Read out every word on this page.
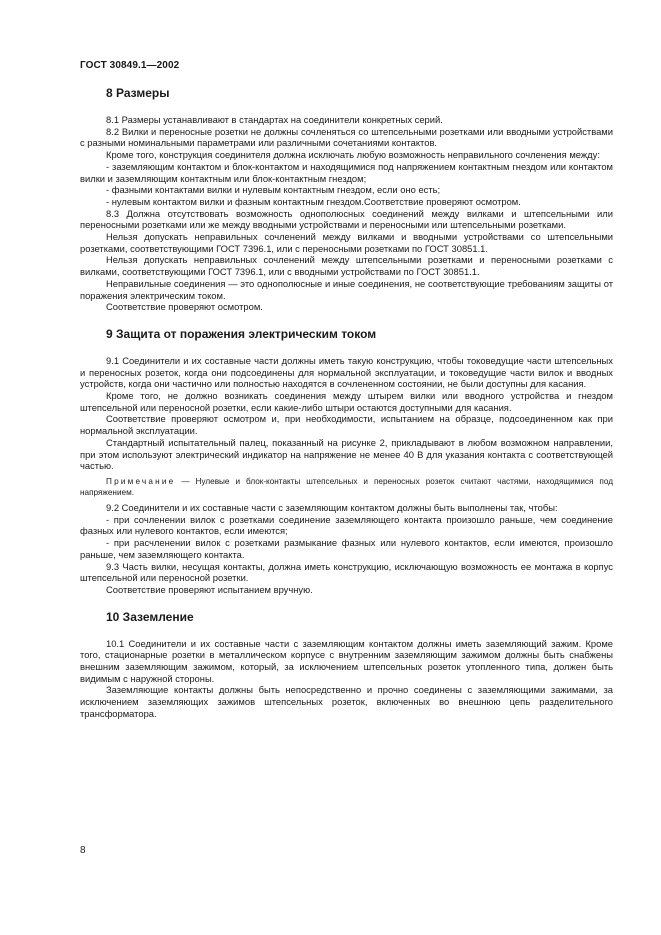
ГОСТ 30849.1—2002
8 Размеры

8.1 Размеры устанавливают в стандартах на соединители конкретных серий.

8.2 Вилки и переносные розетки не должны сочленяться со штепсельными розетками или вводными устройствами с разными номинальными параметрами или различными сочетаниями контактов.

Кроме того, конструкция соединителя должна исключать любую возможность неправильного сочленения между:

- заземляющим контактом и блок-контактом и находящимися под напряжением контактным гнездом или контактом вилки и заземляющим контактным или блок-контактным гнездом;

- фазными контактами вилки и нулевым контактным гнездом, если оно есть;

- нулевым контактом вилки и фазным контактным гнездом.Соответствие проверяют осмотром.

8.3 Должна отсутствовать возможность однополюсных соединений между вилками и штепсельными или переносными розетками или же между вводными устройствами и переносными или штепсельными розетками.

Нельзя допускать неправильных сочленений между вилками и вводными устройствами со штепсельными розетками, соответствующими ГОСТ 7396.1, или с переносными розетками по ГОСТ 30851.1.

Нельзя допускать неправильных сочленений между штепсельными розетками и переносными розетками с вилками, соответствующими ГОСТ 7396.1, или с вводными устройствами по ГОСТ 30851.1.

Неправильные соединения — это однополюсные и иные соединения, не соответствующие требованиям защиты от поражения электрическим током.

Соответствие проверяют осмотром.

9 Защита от поражения электрическим током

9.1 Соединители и их составные части должны иметь такую конструкцию, чтобы токоведущие части штепсельных и переносных розеток, когда они подсоединены для нормальной эксплуатации, и токоведущие части вилок и вводных устройств, когда они частично или полностью находятся в сочлененном состоянии, не были доступны для касания.

Кроме того, не должно возникать соединения между штырем вилки или вводного устройства и гнездом штепсельной или переносной розетки, если какие-либо штыри остаются доступными для касания.

Соответствие проверяют осмотром и, при необходимости, испытанием на образце, подсоединенном как при нормальной эксплуатации.

Стандартный испытательный палец, показанный на рисунке 2, прикладывают в любом возможном направлении, при этом используют электрический индикатор на напряжение не менее 40 В для указания контакта с соответствующей частью.

Примечание — Нулевые и блок-контакты штепсельных и переносных розеток считают частями, находящимися под напряжением.

9.2 Соединители и их составные части с заземляющим контактом должны быть выполнены так, чтобы:

- при сочленении вилок с розетками соединение заземляющего контакта произошло раньше, чем соединение фазных или нулевого контактов, если имеются;

- при расчленении вилок с розетками размыкание фазных или нулевого контактов, если имеются, произошло раньше, чем заземляющего контакта.

9.3 Часть вилки, несущая контакты, должна иметь конструкцию, исключающую возможность ее монтажа в корпус штепсельной или переносной розетки.

Соответствие проверяют испытанием вручную.

10 Заземление

10.1 Соединители и их составные части с заземляющим контактом должны иметь заземляющий зажим. Кроме того, стационарные розетки в металлическом корпусе с внутренним заземляющим зажимом должны быть снабжены внешним заземляющим зажимом, который, за исключением штепсельных розеток утопленного типа, должен быть видимым с наружной стороны.

Заземляющие контакты должны быть непосредственно и прочно соединены с заземляющими зажимами, за исключением заземляющих зажимов штепсельных розеток, включенных во внешнюю цепь разделительного трансформатора.

8
